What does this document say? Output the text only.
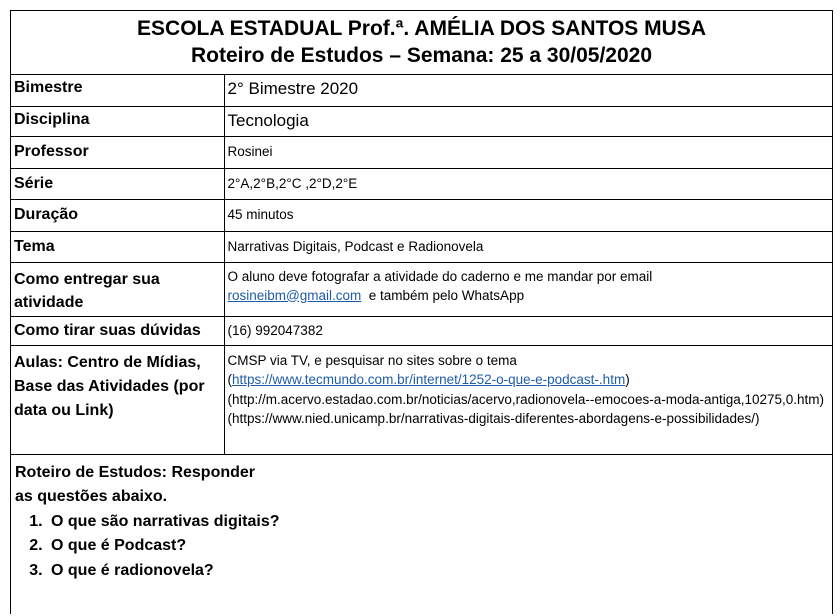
ESCOLA ESTADUAL Prof.ª. AMÉLIA DOS SANTOS MUSA
Roteiro de Estudos – Semana: 25 a 30/05/2020
Bimestre	2° Bimestre 2020
Disciplina	Tecnologia
Professor	Rosinei
Série	2°A,2°B,2°C ,2°D,2°E
Duração	45 minutos
Tema	Narrativas Digitais, Podcast e Radionovela
Como entregar sua atividade	O aluno deve fotografar a atividade do caderno e me mandar por email
rosineibm@gmail.com  e também pelo WhatsApp

Como tirar suas dúvidas	(16) 992047382
Aulas: Centro de Mídias, Base das Atividades (por data ou Link)	CMSP via TV, e pesquisar no sites sobre o tema
(https://www.tecmundo.com.br/internet/1252-o-que-e-podcast-.htm)
(http://m.acervo.estadao.com.br/noticias/acervo,radionovela--emocoes-a-moda-antiga,10275,0.htm) (https://www.nied.unicamp.br/narrativas-digitais-diferentes-abordagens-e-possibilidades/)
Roteiro de Estudos: Responder
as questões abaixo.
1. O que são narrativas digitais?
2. O que é Podcast?
3. O que é radionovela?
